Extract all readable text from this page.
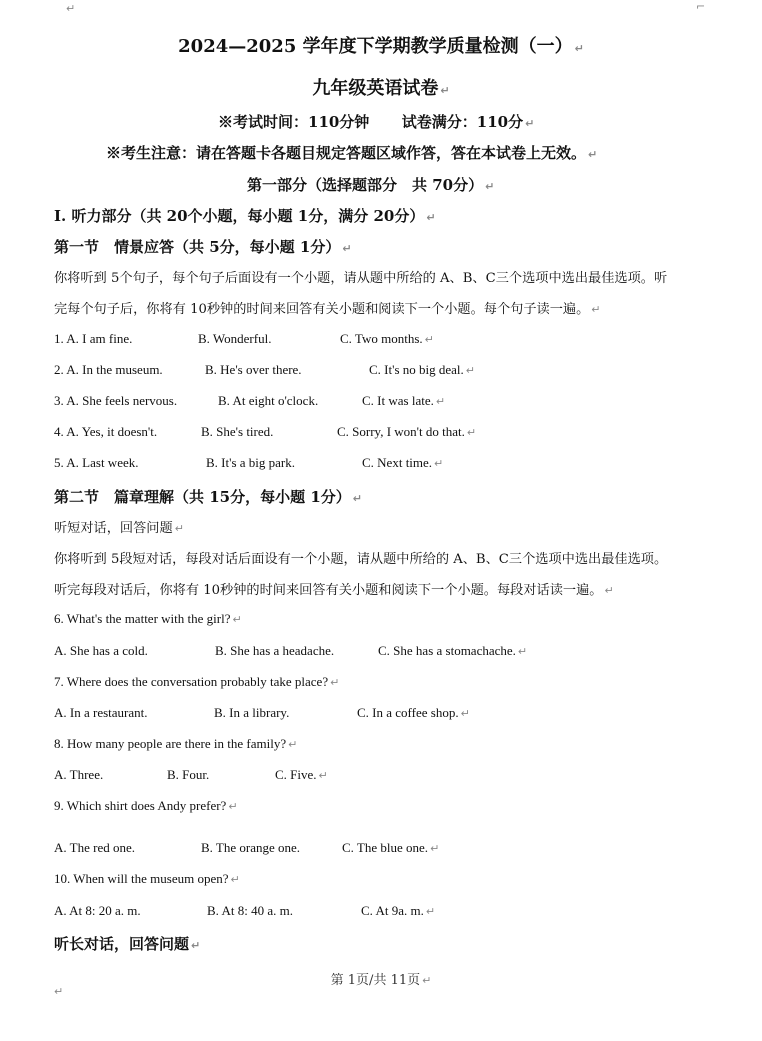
↵	⌐
2024—2025 学年度下学期教学质量检测（一） ↵
九年级英语试卷 ↵
※考试时间：110分钟 试卷满分：110分 ↵
※考生注意：请在答题卡各题目规定答题区域作答，答在本试卷上无效。 ↵
第一部分（选择题部分　共 70分） ↵
Ⅰ. 听力部分（共 20个小题，每小题 1分，满分 20分） ↵
第一节　情景应答（共 5分，每小题 1分） ↵
你将听到 5个句子，每个句子后面设有一个小题，请从题中所给的 A、B、C三个选项中选出最佳选项。听
完每个句子后，你将有 10秒钟的时间来回答有关小题和阅读下一个小题。每个句子读一遍。 ↵
1. A. I am fine.	B. Wonderful.	C. Two months. ↵
2. A. In the museum.	B. He's over there.	C. It's no big deal. ↵
3. A. She feels nervous.	B. At eight o'clock.	C. It was late. ↵
4. A. Yes, it doesn't.	B. She's tired.	C. Sorry, I won't do that. ↵
5. A. Last week.	B. It's a big park.	C. Next time. ↵
第二节　篇章理解（共 15分，每小题 1分） ↵
听短对话，回答问题 ↵
你将听到 5段短对话，每段对话后面设有一个小题，请从题中所给的 A、B、C三个选项中选出最佳选项。
听完每段对话后，你将有 10秒钟的时间来回答有关小题和阅读下一个小题。每段对话读一遍。 ↵
6. What's the matter with the girl? ↵
A. She has a cold.	B. She has a headache.	C. She has a stomachache. ↵
7. Where does the conversation probably take place? ↵
A. In a restaurant.	B. In a library.	C. In a coffee shop. ↵
8. How many people are there in the family? ↵
A. Three.	B. Four.	C. Five. ↵
9. Which shirt does Andy prefer? ↵
A. The red one.	B. The orange one.	C. The blue one. ↵
10. When will the museum open? ↵
A. At 8: 20 a. m.	B. At 8: 40 a. m.	C. At 9a. m. ↵
听长对话，回答问题 ↵
第 1页/共 11页 ↵
↵
